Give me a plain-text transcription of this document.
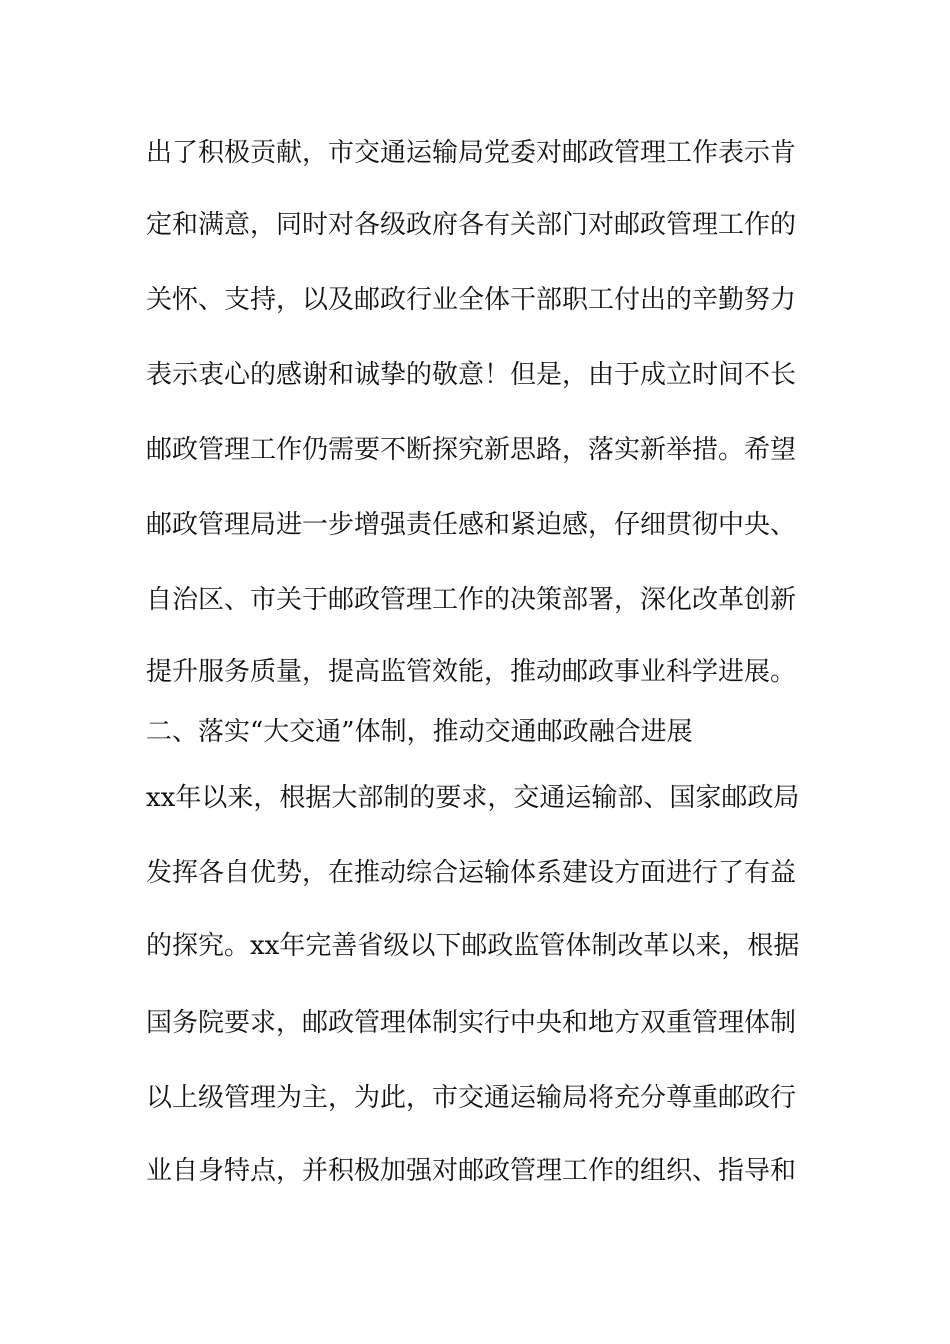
出了积极贡献，市交通运输局党委对邮政管理工作表示肯
定和满意，同时对各级政府各有关部门对邮政管理工作的
关怀、支持，以及邮政行业全体干部职工付出的辛勤努力
表示衷心的感谢和诚挚的敬意！但是，由于成立时间不长
邮政管理工作仍需要不断探究新思路，落实新举措。希望
邮政管理局进一步增强责任感和紧迫感，仔细贯彻中央、
自治区、市关于邮政管理工作的决策部署，深化改革创新
提升服务质量，提高监管效能，推动邮政事业科学进展。
二、落实“大交通”体制，推动交通邮政融合进展
xx年以来，根据大部制的要求，交通运输部、国家邮政局
发挥各自优势，在推动综合运输体系建设方面进行了有益
的探究。xx年完善省级以下邮政监管体制改革以来，根据
国务院要求，邮政管理体制实行中央和地方双重管理体制
以上级管理为主，为此，市交通运输局将充分尊重邮政行
业自身特点，并积极加强对邮政管理工作的组织、指导和
